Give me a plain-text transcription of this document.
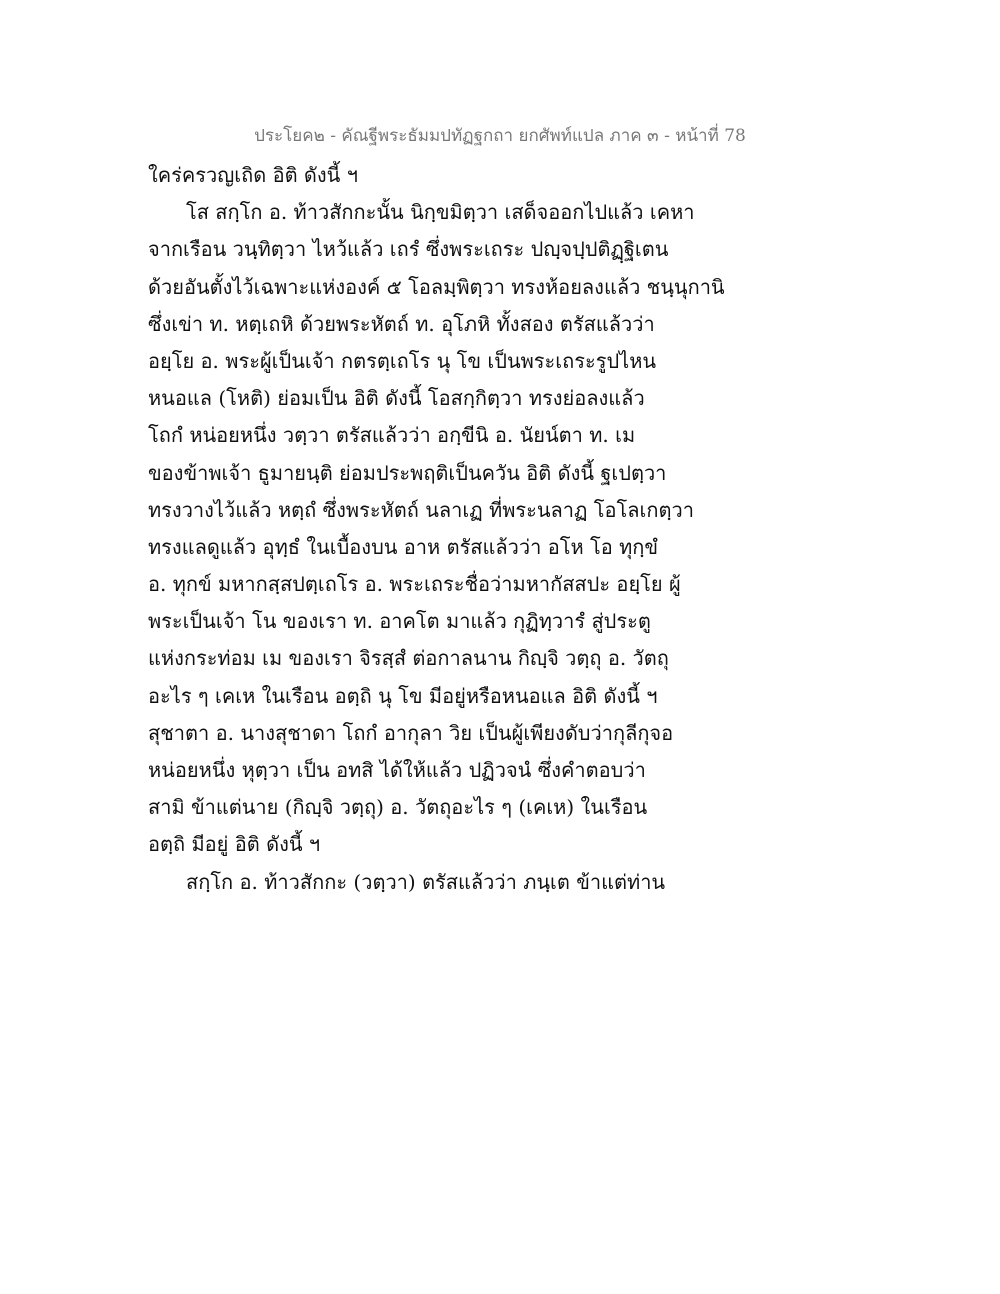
ประโยค๒ - คัณฐีพระธัมมปทัฏฐกถา ยกศัพท์แปล ภาค ๓ - หน้าที่ 78
ใคร่ครวญเถิด อิติ ดังนี้ ฯ
โส สกฺโก อ. ท้าวสักกะนั้น นิกฺขมิตฺวา เสด็จออกไปแล้ว เคหา
จากเรือน วนฺทิตฺวา ไหว้แล้ว เถรํ ซึ่งพระเถระ ปญฺจปฺปติฏฺฐิเตน
ด้วยอันตั้งไว้เฉพาะแห่งองค์ ๕ โอลมฺพิตฺวา ทรงห้อยลงแล้ว ชนฺนุกานิ
ซึ่งเข่า ท. หตฺเถหิ ด้วยพระหัตถ์ ท. อุโภหิ ทั้งสอง ตรัสแล้วว่า
อยฺโย อ. พระผู้เป็นเจ้า กตรตฺเถโร นุ โข เป็นพระเถระรูปไหน
หนอแล (โหติ) ย่อมเป็น อิติ ดังนี้ โอสกฺกิตฺวา ทรงย่อลงแล้ว
โถกํ หน่อยหนึ่ง วตฺวา ตรัสแล้วว่า อกฺขีนิ อ. นัยน์ตา ท. เม
ของข้าพเจ้า ธูมายนฺติ ย่อมประพฤติเป็นควัน อิติ ดังนี้ ฐเปตฺวา
ทรงวางไว้แล้ว หตฺถํ ซึ่งพระหัตถ์ นลาเฏ ที่พระนลาฏ โอโลเกตฺวา
ทรงแลดูแล้ว อุทฺธํ ในเบื้องบน อาห ตรัสแล้วว่า อโห โอ ทุกฺขํ
อ. ทุกข์ มหากสฺสปตฺเถโร อ. พระเถระชื่อว่ามหากัสสปะ อยฺโย ผู้
พระเป็นเจ้า โน ของเรา ท. อาคโต มาแล้ว กุฏิทฺวารํ สู่ประตู
แห่งกระท่อม เม ของเรา จิรสฺสํ ต่อกาลนาน กิญฺจิ วตฺถุ อ. วัตถุ
อะไร ๆ เคเห ในเรือน อตฺถิ นุ โข มีอยู่หรือหนอแล อิติ ดังนี้ ฯ
สุชาตา อ. นางสุชาดา โถกํ อากุลา วิย เป็นผู้เพียงดับว่ากุลีกุจอ
หน่อยหนึ่ง หุตฺวา เป็น อทสิ ได้ให้แล้ว ปฏิวจนํ ซึ่งคำตอบว่า
สามิ ข้าแต่นาย (กิญฺจิ วตฺถุ) อ. วัตถุอะไร ๆ (เคเห) ในเรือน
อตฺถิ มีอยู่ อิติ ดังนี้ ฯ
สกฺโก อ. ท้าวสักกะ (วตฺวา) ตรัสแล้วว่า ภนฺเต ข้าแต่ท่าน
